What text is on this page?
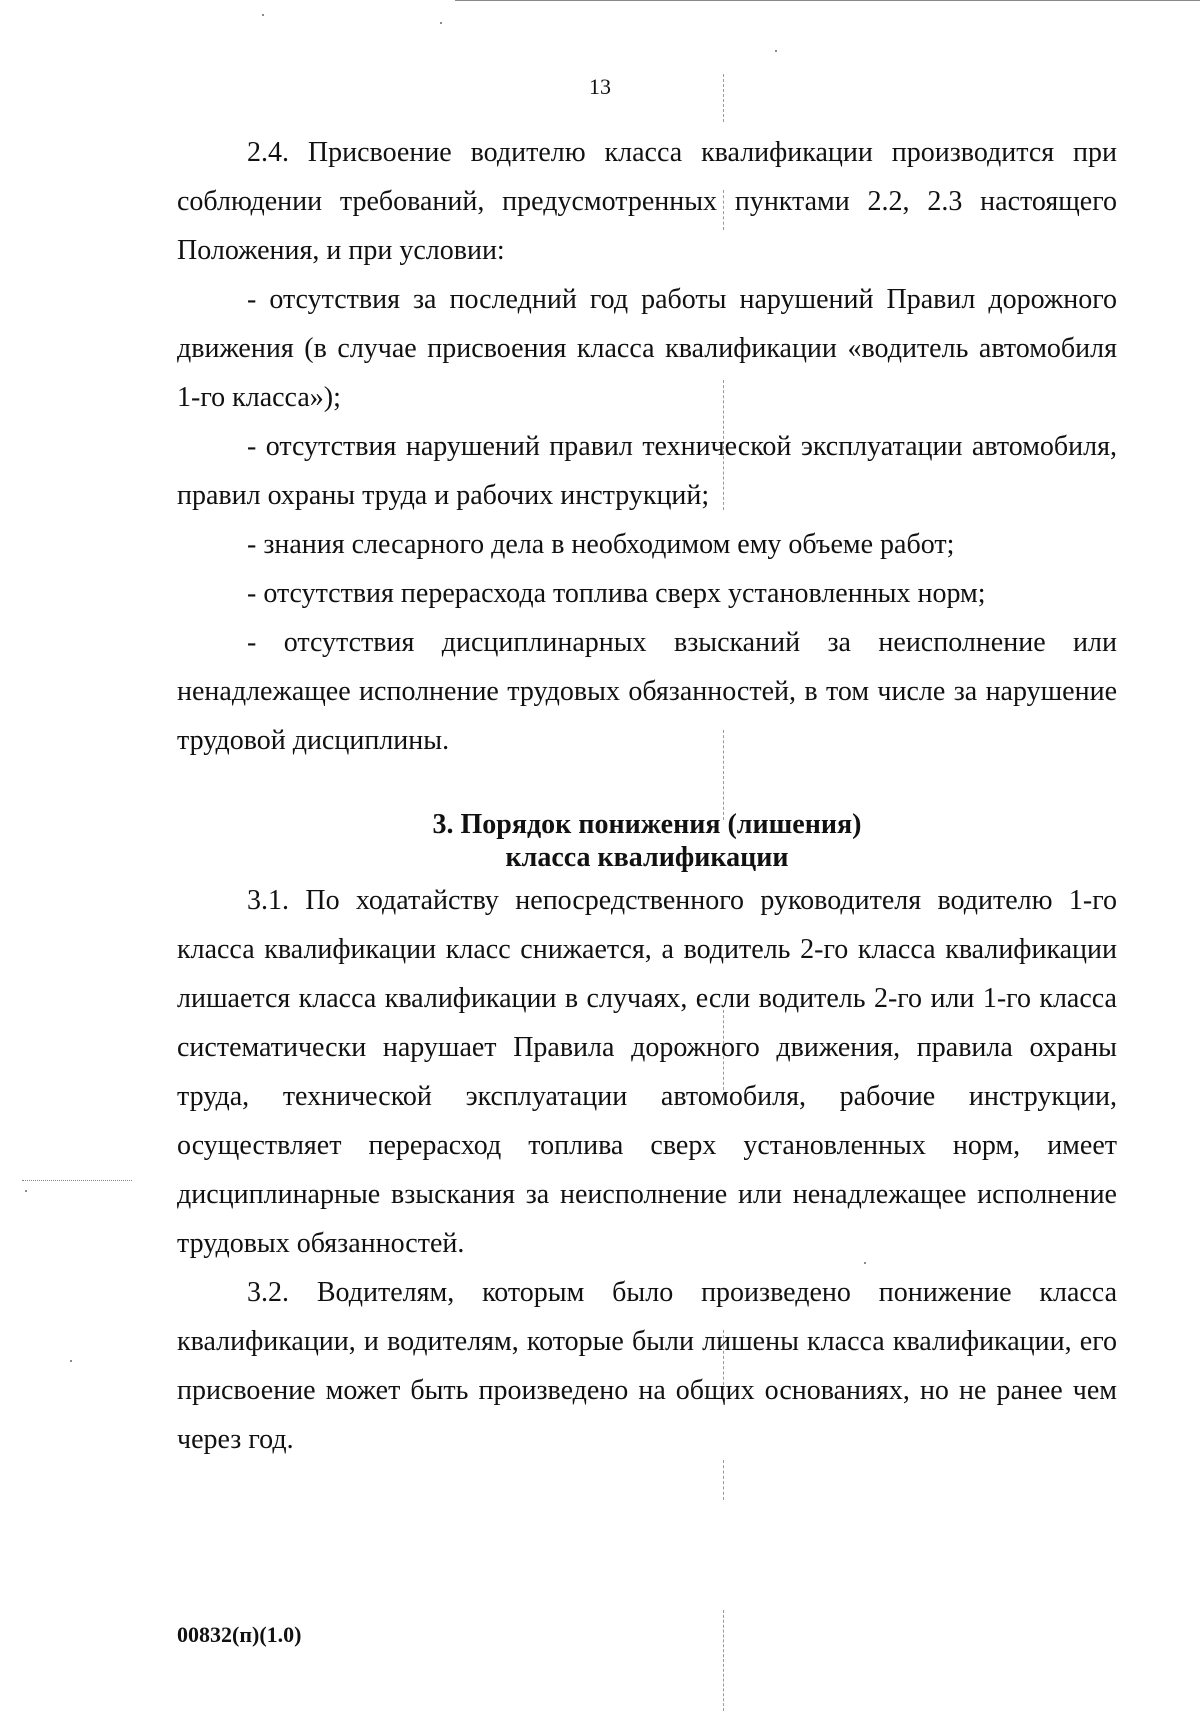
13

2.4. Присвоение водителю класса квалификации производится при соблюдении требований, предусмотренных пунктами 2.2, 2.3 настоящего Положения, и при условии:

- отсутствия за последний год работы нарушений Правил дорожного движения (в случае присвоения класса квалификации «водитель автомобиля 1-го класса»);

- отсутствия нарушений правил технической эксплуатации автомобиля, правил охраны труда и рабочих инструкций;

- знания слесарного дела в необходимом ему объеме работ;

- отсутствия перерасхода топлива сверх установленных норм;

- отсутствия дисциплинарных взысканий за неисполнение или ненадлежащее исполнение трудовых обязанностей, в том числе за нарушение трудовой дисциплины.

3. Порядок понижения (лишения)
класса квалификации

3.1. По ходатайству непосредственного руководителя водителю 1-го класса квалификации класс снижается, а водитель 2-го класса квалификации лишается класса квалификации в случаях, если водитель 2-го или 1-го класса систематически нарушает Правила дорожного движения, правила охраны труда, технической эксплуатации автомобиля, рабочие инструкции, осуществляет перерасход топлива сверх установленных норм, имеет дисциплинарные взыскания за неисполнение или ненадлежащее исполнение трудовых обязанностей.

3.2. Водителям, которым было произведено понижение класса квалификации, и водителям, которые были лишены класса квалификации, его присвоение может быть произведено на общих основаниях, но не ранее чем через год.

00832(п)(1.0)
